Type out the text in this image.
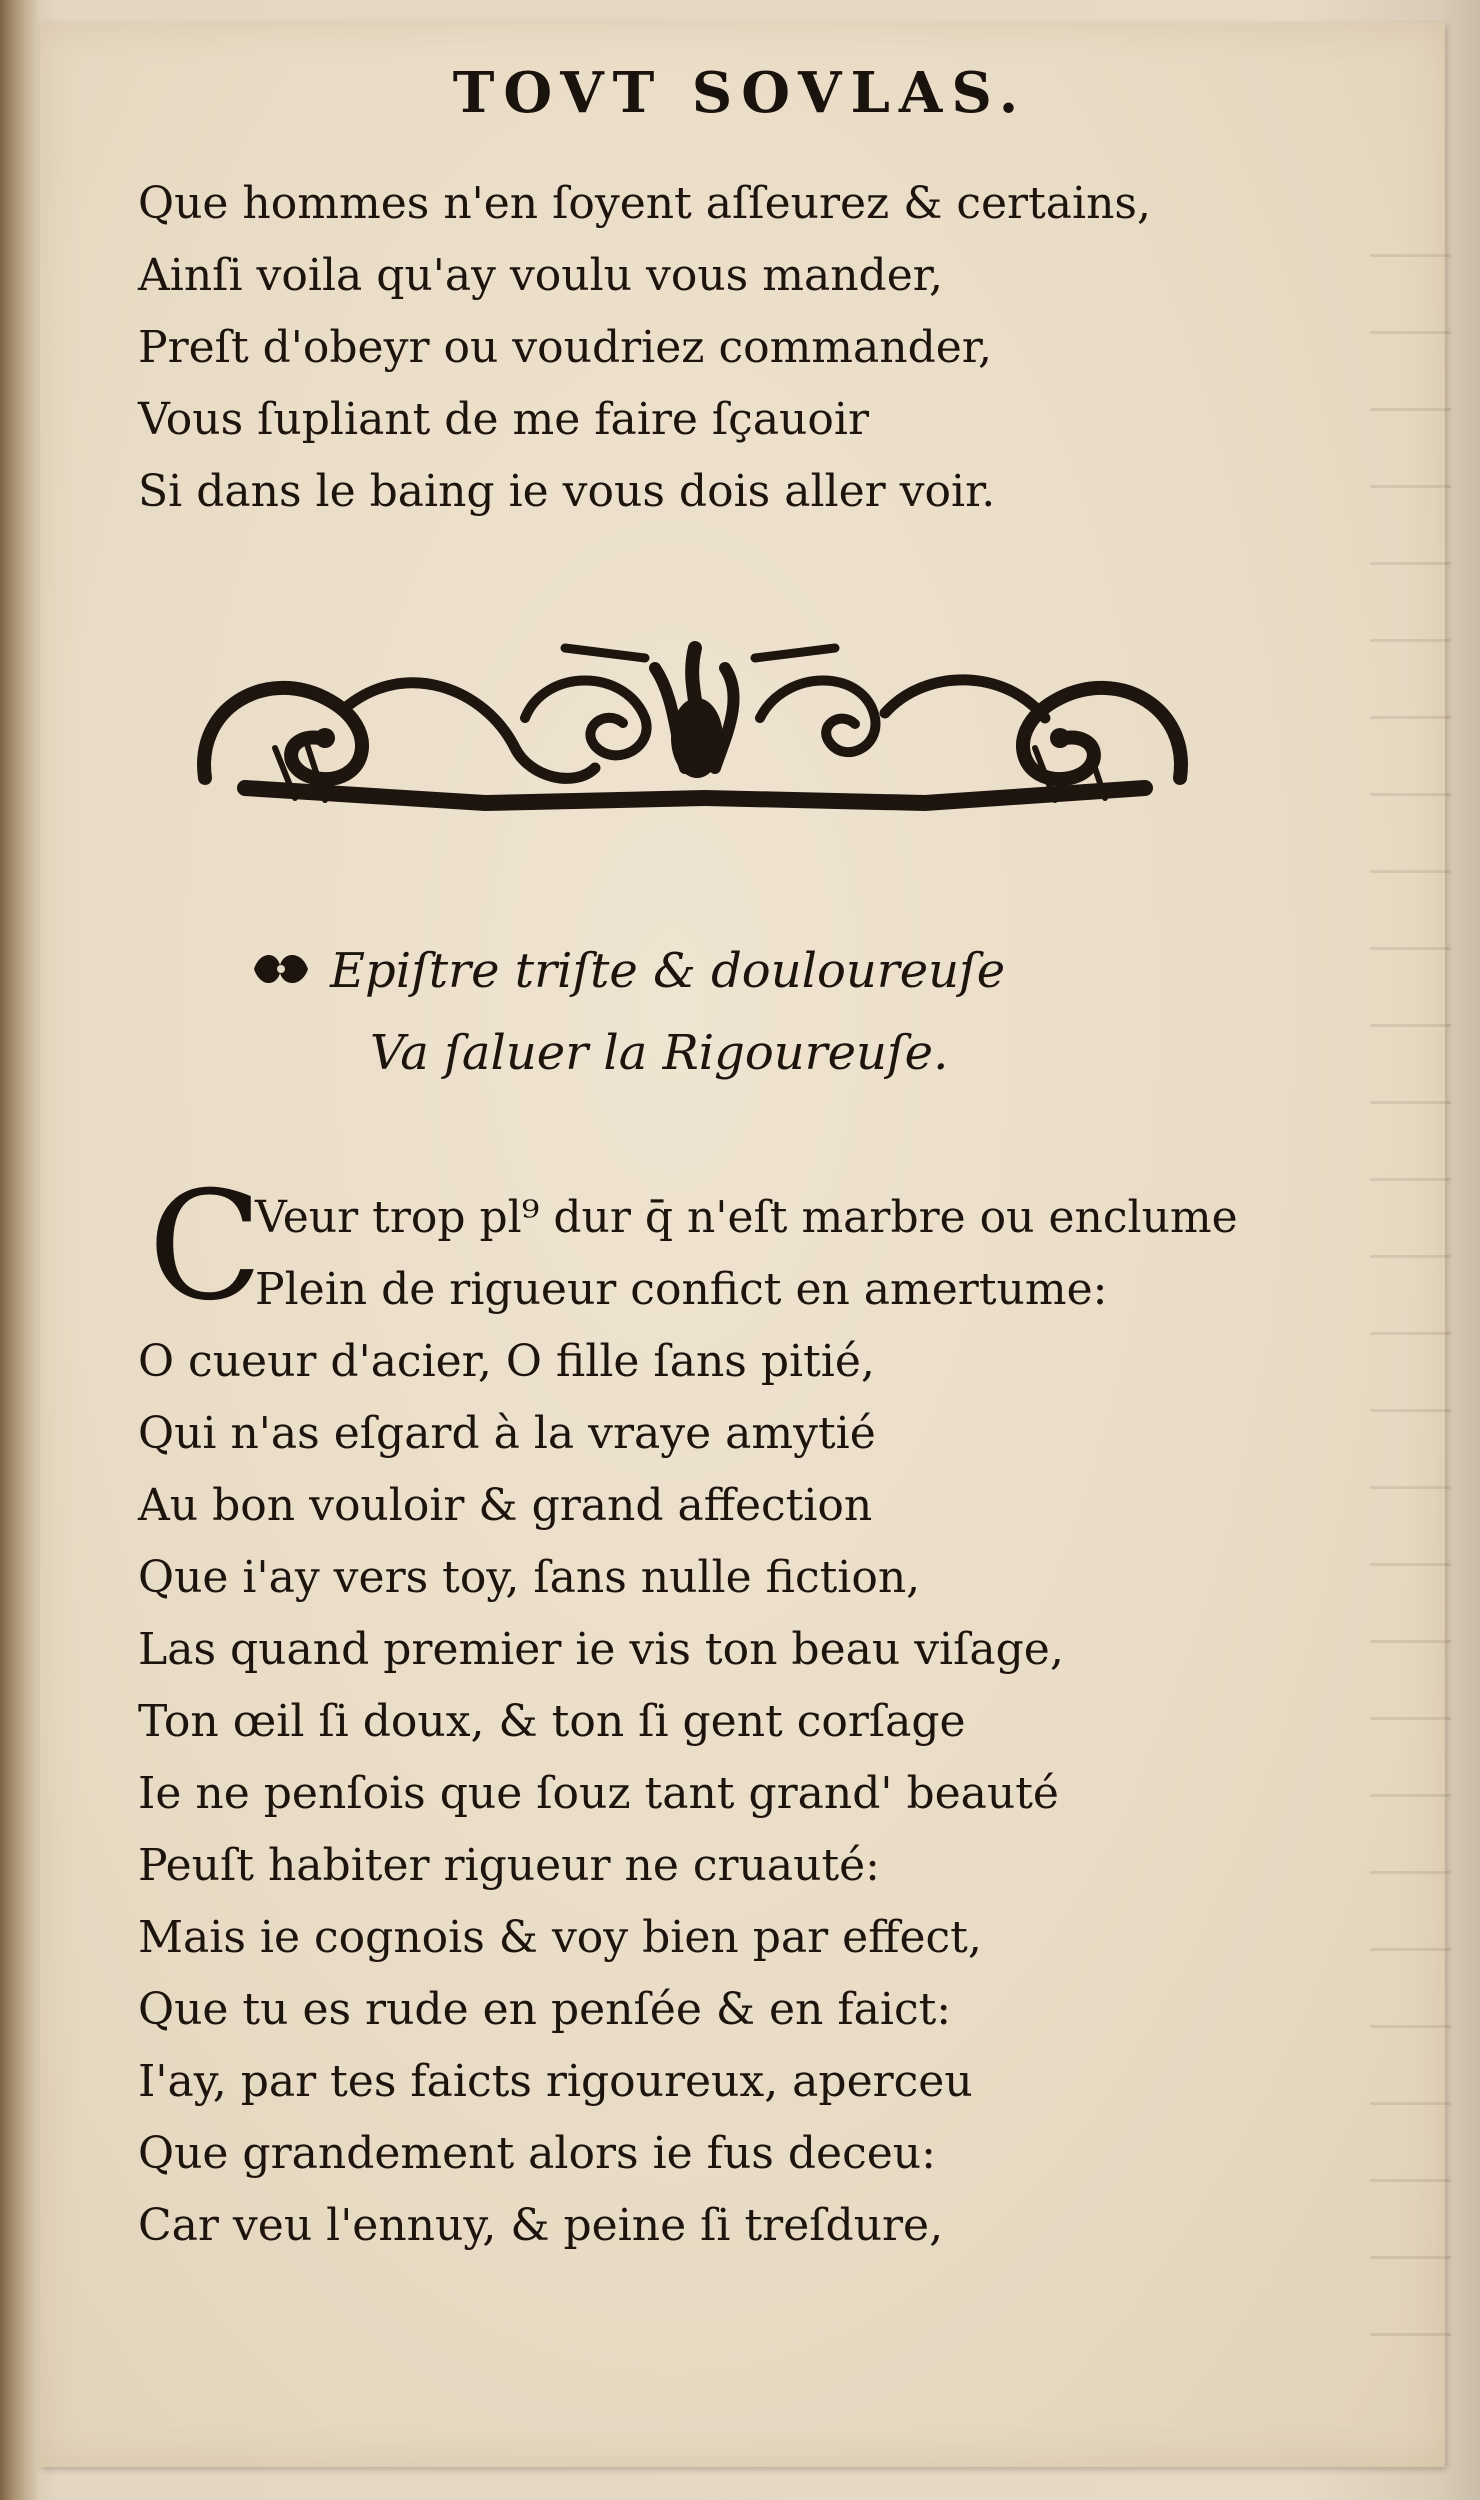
TOVT SOVLAS.
Que hommes n'en ſoyent aſſeurez & certains,
Ainſi voila qu'ay voulu vous mander,
Preſt d'obeyr ou voudriez commander,
Vous ſupliant de me faire ſçauoir
Si dans le baing ie vous dois aller voir.
Epiſtre triſte & douloureuſe
Va ſaluer la Rigoureuſe.
C
Veur trop pl⁹ dur q̄ n'eſt marbre ou enclume
Plein de rigueur confict en amertume:
O cueur d'acier, O fille ſans pitié,
Qui n'as eſgard à la vraye amytié
Au bon vouloir & grand affection
Que i'ay vers toy, ſans nulle fiction,
Las quand premier ie vis ton beau viſage,
Ton œil ſi doux, & ton ſi gent corſage
Ie ne penſois que ſouz tant grand' beauté
Peuſt habiter rigueur ne cruauté:
Mais ie cognois & voy bien par effect,
Que tu es rude en penſée & en faict:
I'ay, par tes faicts rigoureux, aperceu
Que grandement alors ie fus deceu:
Car veu l'ennuy, & peine ſi treſdure,
